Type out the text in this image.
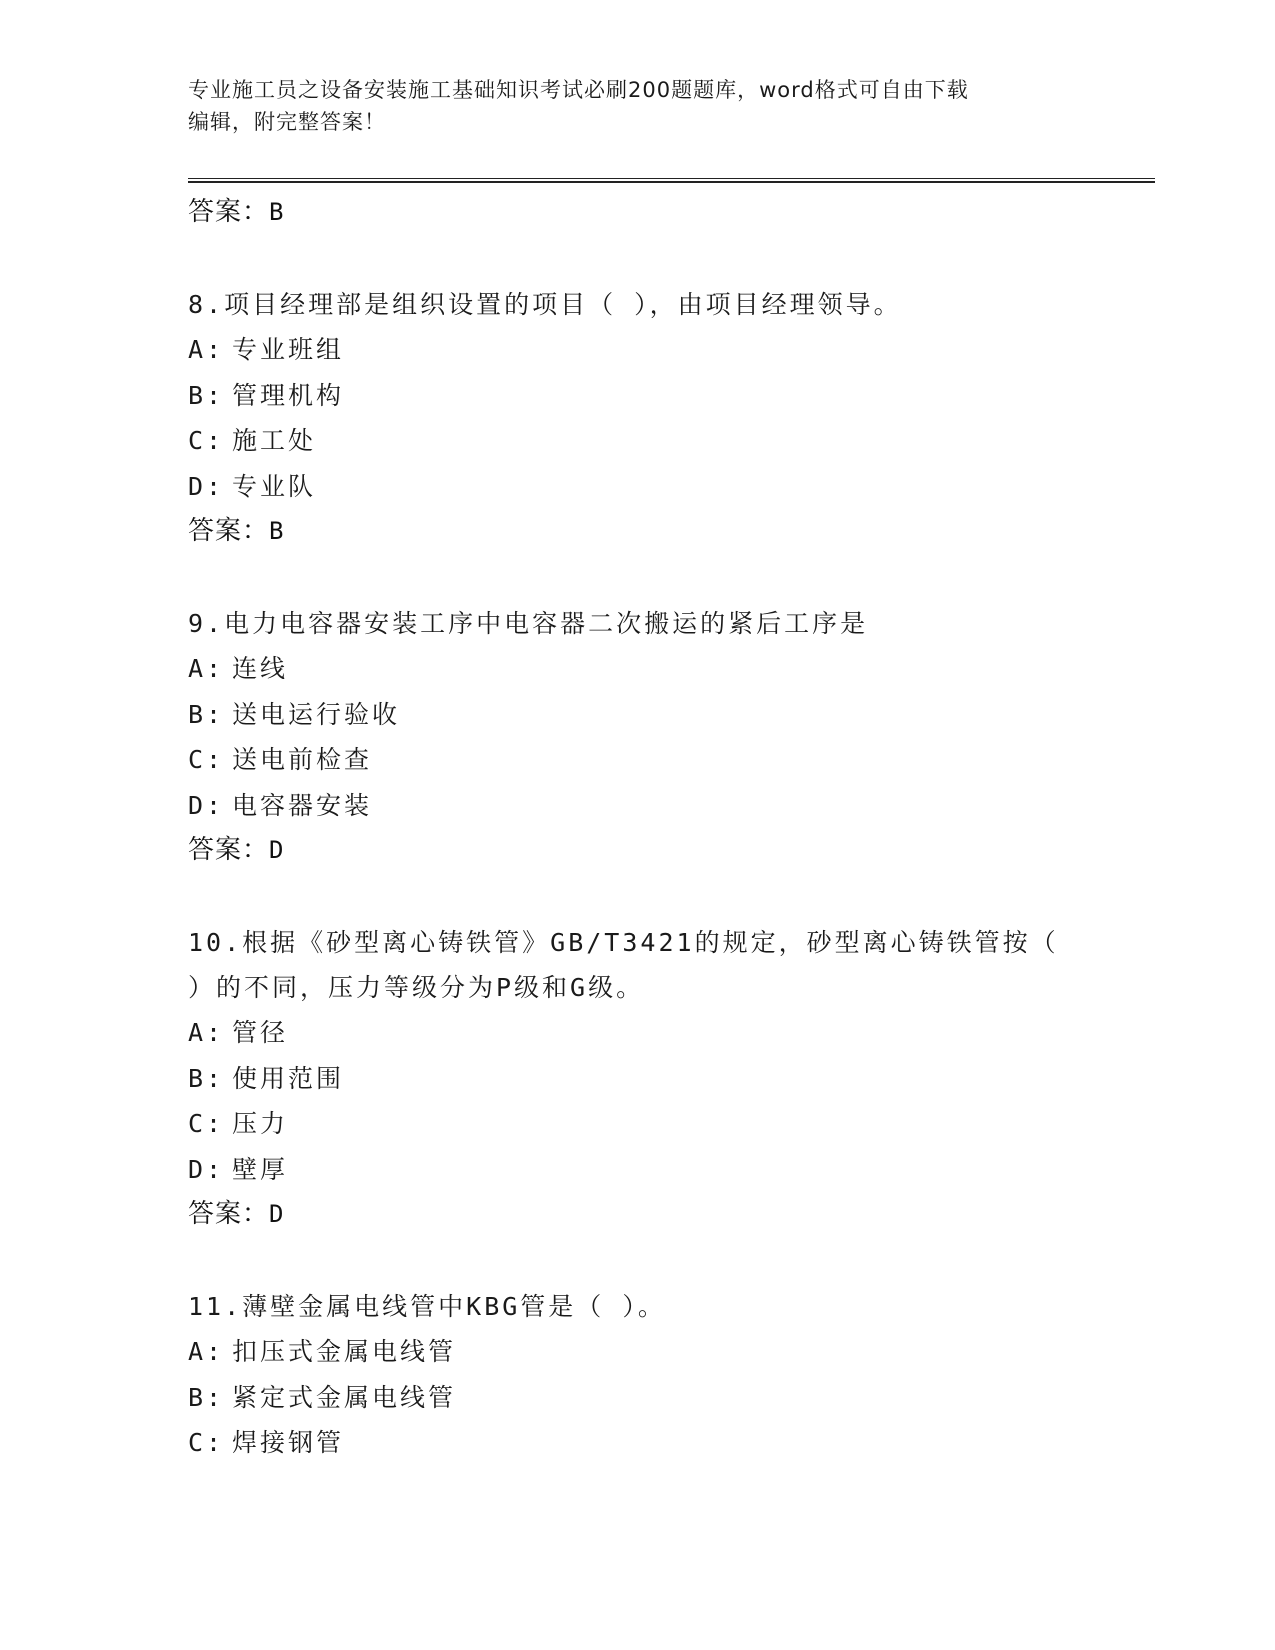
专业施工员之设备安装施工基础知识考试必刷200题题库，word格式可自由下载
编辑，附完整答案！
答案：B
8.项目经理部是组织设置的项目（ ），由项目经理领导。
A: 专业班组
B: 管理机构
C: 施工处
D: 专业队
答案：B
9.电力电容器安装工序中电容器二次搬运的紧后工序是
A: 连线
B: 送电运行验收
C: 送电前检查
D: 电容器安装
答案：D
10.根据《砂型离心铸铁管》GB/T3421的规定，砂型离心铸铁管按（
）的不同，压力等级分为P级和G级。
A: 管径
B: 使用范围
C: 压力
D: 壁厚
答案：D
11.薄壁金属电线管中KBG管是（ ）。
A: 扣压式金属电线管
B: 紧定式金属电线管
C: 焊接钢管
